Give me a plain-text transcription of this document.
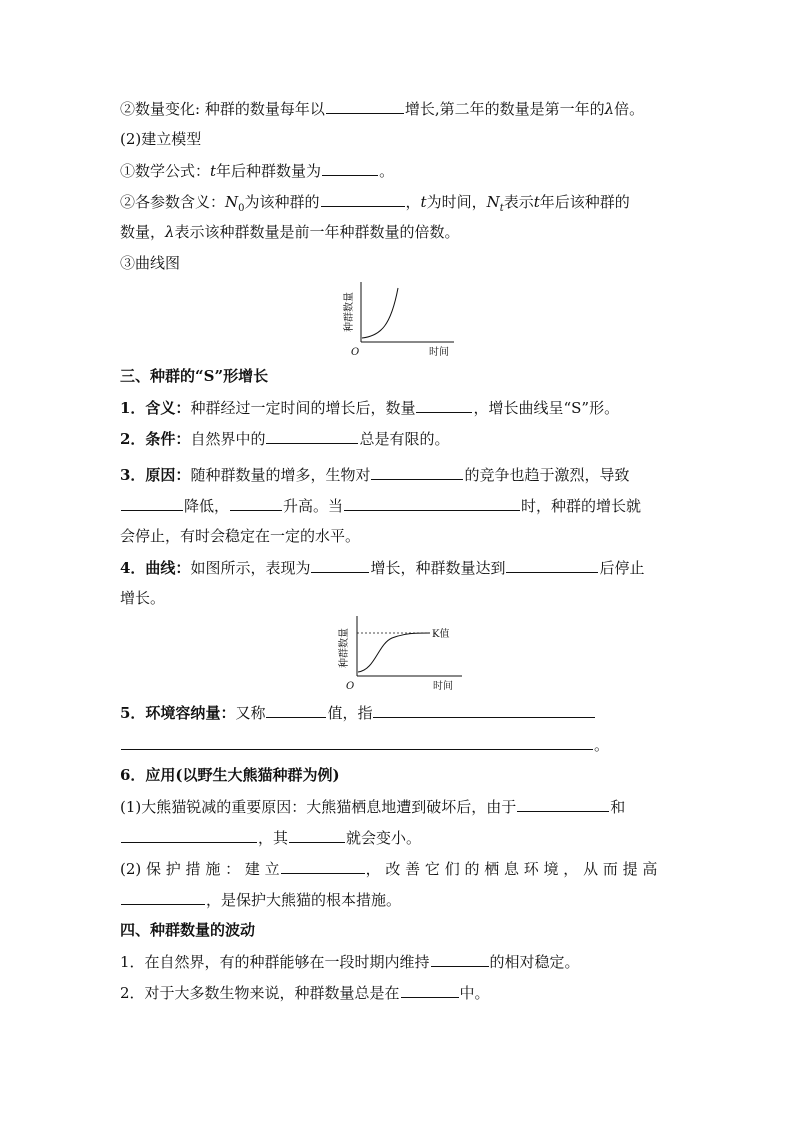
②数量变化: 种群的数量每年以	增长,第二年的数量是第一年的λ倍。
(2)建立模型
①数学公式：t年后种群数量为	。
②各参数含义：$N_0$为该种群的	，t为时间，$N_t$表示t年后该种群的
数量，λ表示该种群数量是前一年种群数量的倍数。
③曲线图
种群数量
O	时间
三、种群的“S”形增长
1．含义：种群经过一定时间的增长后，数量	，增长曲线呈“S”形。
2．条件：自然界中的	总是有限的。
3．原因：随种群数量的增多，生物对	的竞争也趋于激烈，导致
降低，	升高。当	时，种群的增长就
会停止，有时会稳定在一定的水平。
4．曲线：如图所示，表现为	增长，种群数量达到	后停止
增长。
种群数量
O	时间
K值
5．环境容纳量：又称	值，指
。
6．应用(以野生大熊猫种群为例)
(1)大熊猫锐减的重要原因：大熊猫栖息地遭到破坏后，由于	和
，其	就会变小。
(2) 保 护 措 施 ： 建 立	， 改 善 它 们 的 栖 息 环 境 ， 从 而 提 高
，是保护大熊猫的根本措施。
四、种群数量的波动
1．在自然界，有的种群能够在一段时期内维持	的相对稳定。
2．对于大多数生物来说，种群数量总是在	中。
